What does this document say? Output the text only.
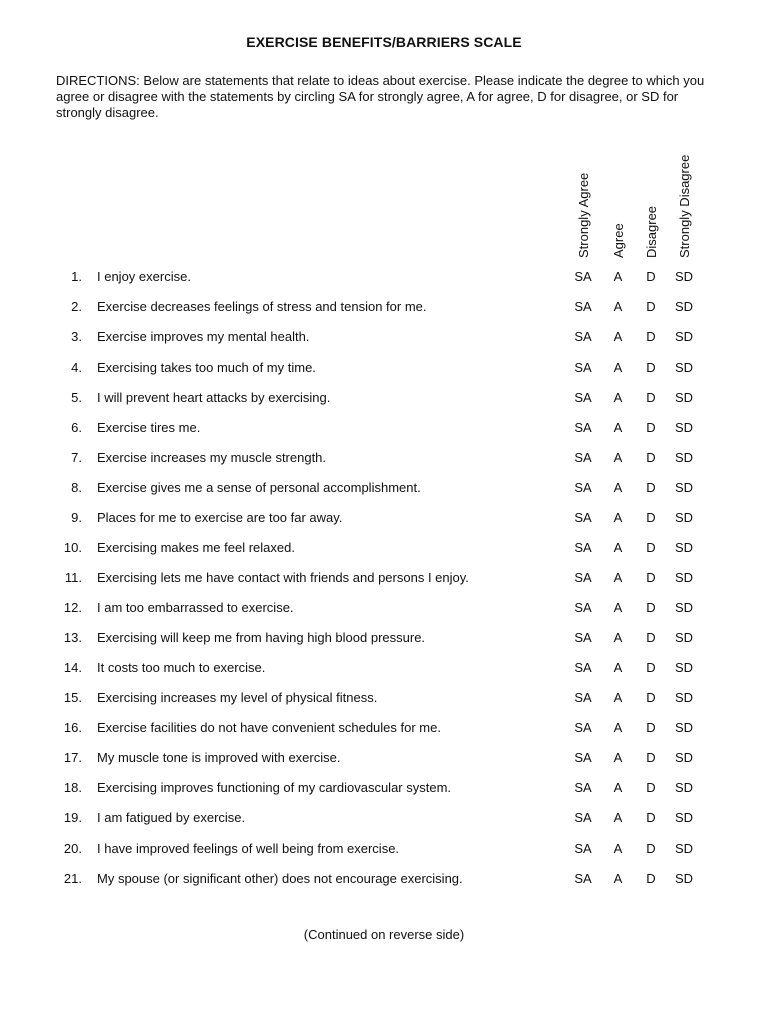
EXERCISE BENEFITS/BARRIERS SCALE
DIRECTIONS: Below are statements that relate to ideas about exercise. Please indicate the degree to which you agree or disagree with the statements by circling SA for strongly agree, A for agree, D for disagree, or SD for strongly disagree.
Strongly Agree Agree Disagree Strongly Disagree
1. I enjoy exercise.	SA	A	D	SD
2. Exercise decreases feelings of stress and tension for me.	SA	A	D	SD
3. Exercise improves my mental health.	SA	A	D	SD
4. Exercising takes too much of my time.	SA	A	D	SD
5. I will prevent heart attacks by exercising.	SA	A	D	SD
6. Exercise tires me.	SA	A	D	SD
7. Exercise increases my muscle strength.	SA	A	D	SD
8. Exercise gives me a sense of personal accomplishment.	SA	A	D	SD
9. Places for me to exercise are too far away.	SA	A	D	SD
10. Exercising makes me feel relaxed.	SA	A	D	SD
11. Exercising lets me have contact with friends and persons I enjoy.	SA	A	D	SD
12. I am too embarrassed to exercise.	SA	A	D	SD
13. Exercising will keep me from having high blood pressure.	SA	A	D	SD
14. It costs too much to exercise.	SA	A	D	SD
15. Exercising increases my level of physical fitness.	SA	A	D	SD
16. Exercise facilities do not have convenient schedules for me.	SA	A	D	SD
17. My muscle tone is improved with exercise.	SA	A	D	SD
18. Exercising improves functioning of my cardiovascular system.	SA	A	D	SD
19. I am fatigued by exercise.	SA	A	D	SD
20. I have improved feelings of well being from exercise.	SA	A	D	SD
21. My spouse (or significant other) does not encourage exercising.	SA	A	D	SD
(Continued on reverse side)
